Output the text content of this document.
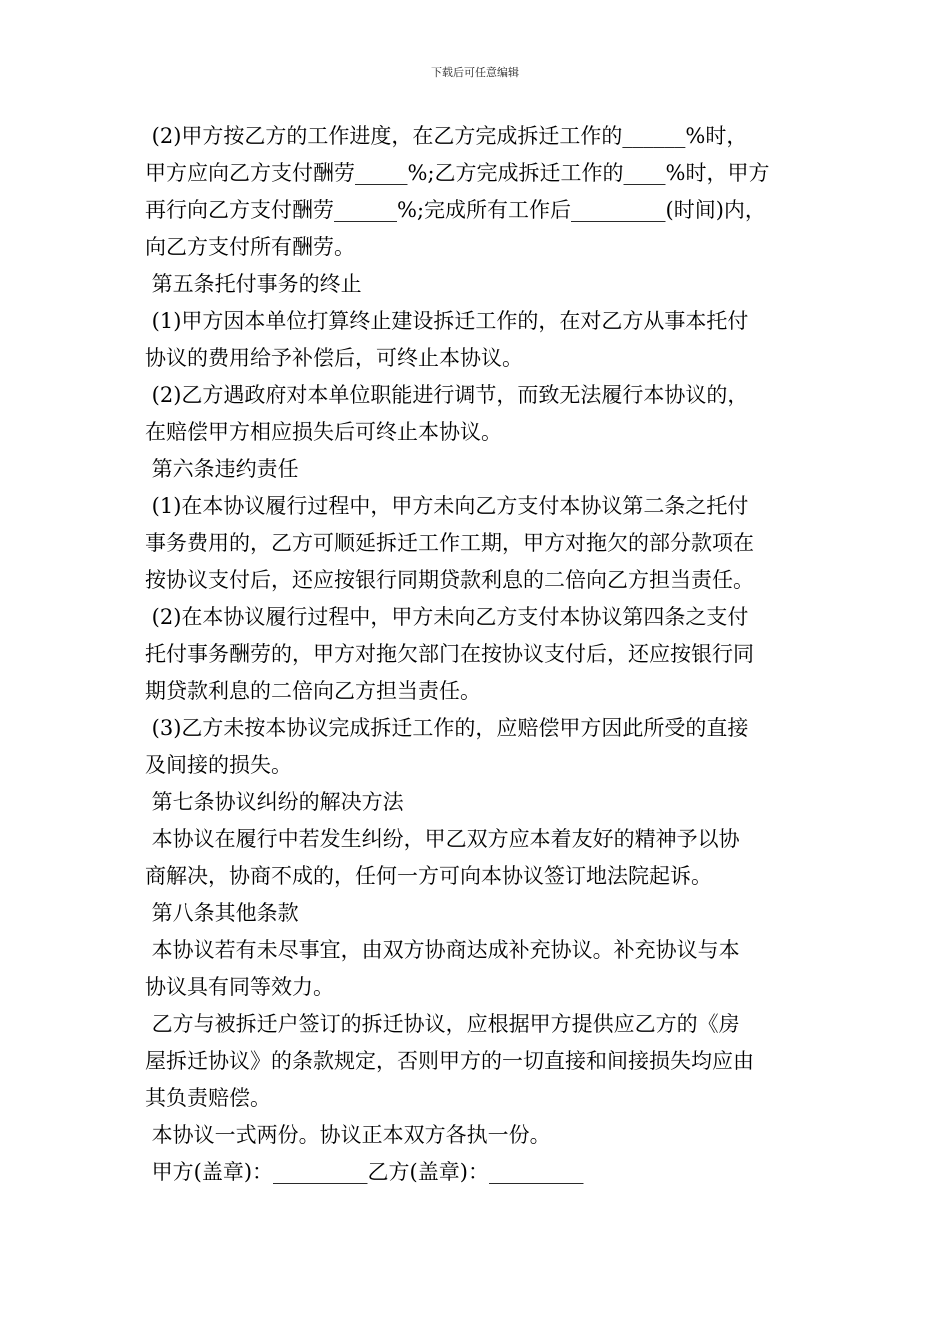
下载后可任意编辑
(2)甲方按乙方的工作进度，在乙方完成拆迁工作的______%时，
甲方应向乙方支付酬劳_____%;乙方完成拆迁工作的____%时，甲方
再行向乙方支付酬劳______%;完成所有工作后_________(时间)内，
向乙方支付所有酬劳。
第五条托付事务的终止
(1)甲方因本单位打算终止建设拆迁工作的，在对乙方从事本托付
协议的费用给予补偿后，可终止本协议。
(2)乙方遇政府对本单位职能进行调节，而致无法履行本协议的，
在赔偿甲方相应损失后可终止本协议。
第六条违约责任
(1)在本协议履行过程中，甲方未向乙方支付本协议第二条之托付
事务费用的，乙方可顺延拆迁工作工期，甲方对拖欠的部分款项在
按协议支付后，还应按银行同期贷款利息的二倍向乙方担当责任。
(2)在本协议履行过程中，甲方未向乙方支付本协议第四条之支付
托付事务酬劳的，甲方对拖欠部门在按协议支付后，还应按银行同
期贷款利息的二倍向乙方担当责任。
(3)乙方未按本协议完成拆迁工作的，应赔偿甲方因此所受的直接
及间接的损失。
第七条协议纠纷的解决方法
本协议在履行中若发生纠纷，甲乙双方应本着友好的精神予以协
商解决，协商不成的，任何一方可向本协议签订地法院起诉。
第八条其他条款
本协议若有未尽事宜，由双方协商达成补充协议。补充协议与本
协议具有同等效力。
乙方与被拆迁户签订的拆迁协议，应根据甲方提供应乙方的《房
屋拆迁协议》的条款规定，否则甲方的一切直接和间接损失均应由
其负责赔偿。
本协议一式两份。协议正本双方各执一份。
甲方(盖章)：_________乙方(盖章)：_________
